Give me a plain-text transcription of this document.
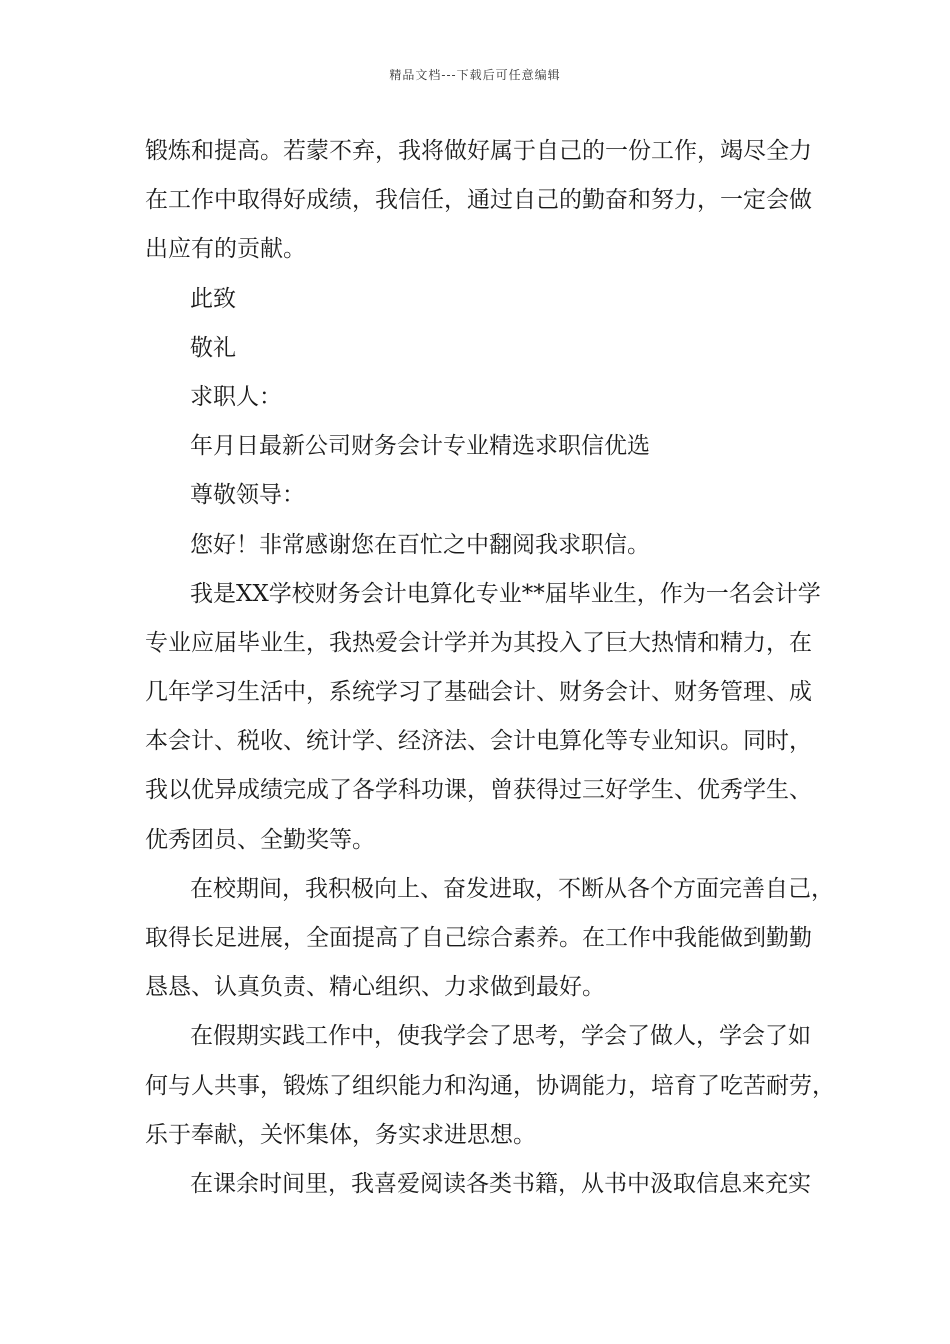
精品文档---下载后可任意编辑
锻炼和提高。若蒙不弃，我将做好属于自己的一份工作，竭尽全力
在工作中取得好成绩，我信任，通过自己的勤奋和努力，一定会做
出应有的贡献。
此致
敬礼
求职人：
年月日最新公司财务会计专业精选求职信优选
尊敬领导：
您好！非常感谢您在百忙之中翻阅我求职信。
我是XX学校财务会计电算化专业**届毕业生，作为一名会计学
专业应届毕业生，我热爱会计学并为其投入了巨大热情和精力，在
几年学习生活中，系统学习了基础会计、财务会计、财务管理、成
本会计、税收、统计学、经济法、会计电算化等专业知识。同时，
我以优异成绩完成了各学科功课，曾获得过三好学生、优秀学生、
优秀团员、全勤奖等。
在校期间，我积极向上、奋发进取，不断从各个方面完善自己，
取得长足进展，全面提高了自己综合素养。在工作中我能做到勤勤
恳恳、认真负责、精心组织、力求做到最好。
在假期实践工作中，使我学会了思考，学会了做人，学会了如
何与人共事，锻炼了组织能力和沟通，协调能力，培育了吃苦耐劳，
乐于奉献，关怀集体，务实求进思想。
在课余时间里，我喜爱阅读各类书籍，从书中汲取信息来充实
